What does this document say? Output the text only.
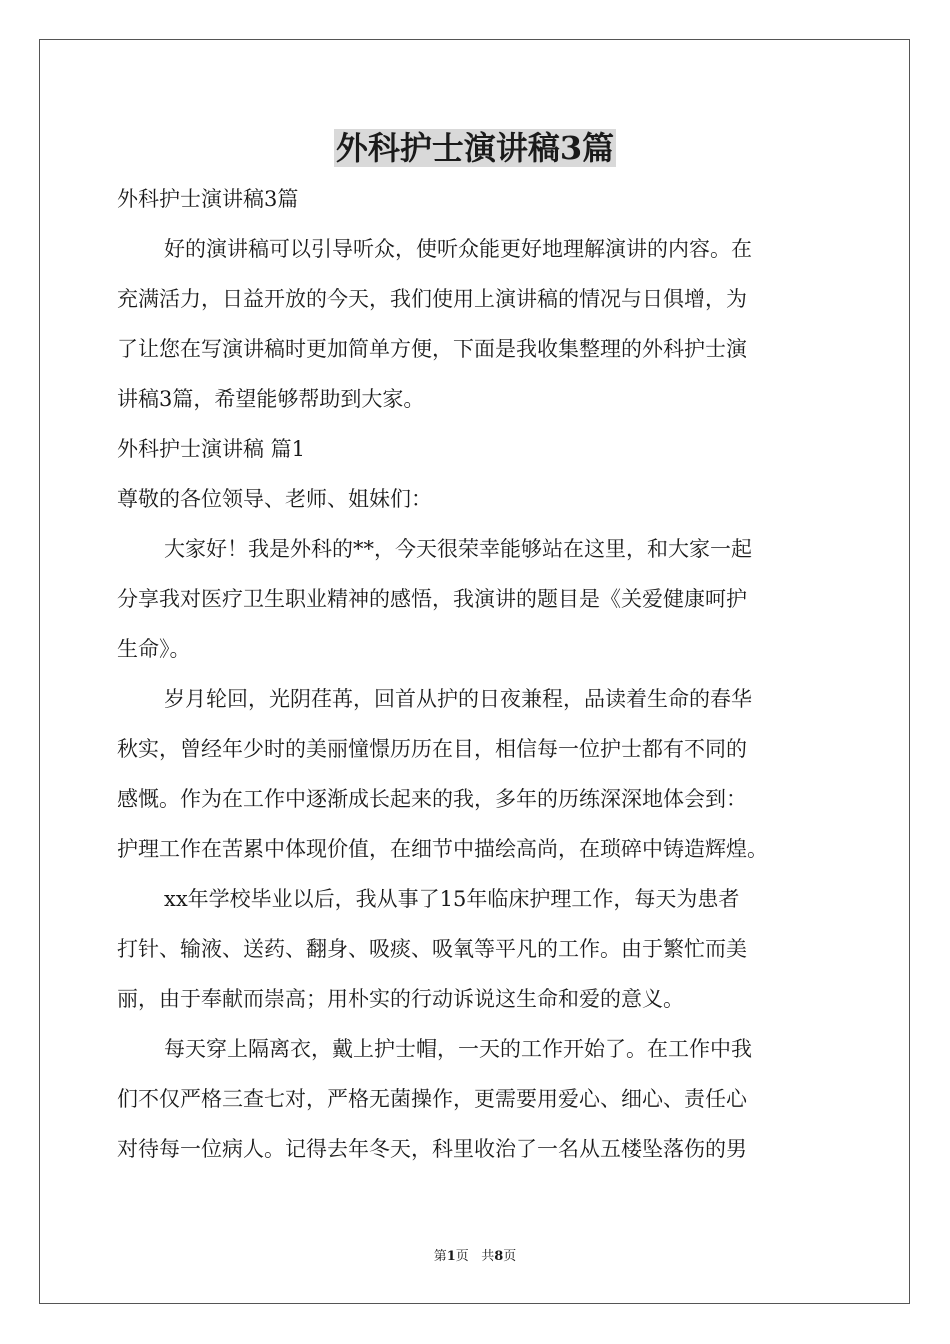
外科护士演讲稿3篇

外科护士演讲稿3篇

好的演讲稿可以引导听众，使听众能更好地理解演讲的内容。在

充满活力，日益开放的今天，我们使用上演讲稿的情况与日俱增，为

了让您在写演讲稿时更加简单方便，下面是我收集整理的外科护士演

讲稿3篇，希望能够帮助到大家。

外科护士演讲稿 篇1

尊敬的各位领导、老师、姐妹们：

大家好！我是外科的**，今天很荣幸能够站在这里，和大家一起

分享我对医疗卫生职业精神的感悟，我演讲的题目是《关爱健康呵护

生命》。

岁月轮回，光阴荏苒，回首从护的日夜兼程，品读着生命的春华

秋实，曾经年少时的美丽憧憬历历在目，相信每一位护士都有不同的

感慨。作为在工作中逐渐成长起来的我，多年的历练深深地体会到：

护理工作在苦累中体现价值，在细节中描绘高尚，在琐碎中铸造辉煌。

xx年学校毕业以后，我从事了15年临床护理工作，每天为患者

打针、输液、送药、翻身、吸痰、吸氧等平凡的工作。由于繁忙而美

丽，由于奉献而崇高；用朴实的行动诉说这生命和爱的意义。

每天穿上隔离衣，戴上护士帽，一天的工作开始了。在工作中我

们不仅严格三查七对，严格无菌操作，更需要用爱心、细心、责任心

对待每一位病人。记得去年冬天，科里收治了一名从五楼坠落伤的男

第1页 共8页
